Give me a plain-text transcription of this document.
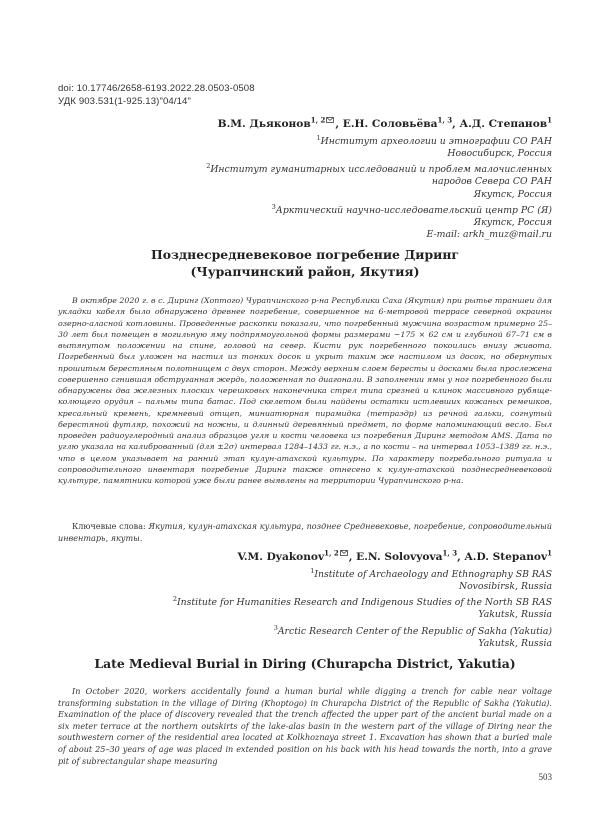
doi: 10.17746/2658-6193.2022.28.0503-0508
УДК 903.531(1-925.13)"04/14"
В.М. Дьяконов$^{1, 2}$ , Е.Н. Соловьёва$^{1, 3}$, А.Д. Степанов$^1$
$^1$Институт археологии и этнографии СО РАН
Новосибирск, Россия
$^2$Институт гуманитарных исследований и проблем малочисленных
народов Севера СО РАН
Якутск, Россия
$^3$Арктический научно-исследовательский центр РС (Я)
Якутск, Россия
E-mail: arkh_muz@mail.ru
Позднесредневековое погребение Диринг
(Чурапчинский район, Якутия)

В октябре 2020 г. в с. Диринг (Хоптого) Чурапчинского р-на Республики Саха (Якутия) при рытье траншеи для укладки кабеля было обнаружено древнее погребение, совершенное на 6-метровой террасе северной окраины озерно-аласной котловины. Проведенные раскопки показали, что погребенный мужчина возрастом примерно 25–30 лет был помещен в могильную яму подпрямоугольной формы размерами ~175 × 62 см и глубиной 67–71 см в вытянутом положении на спине, головой на север. Кисти рук погребенного покоились внизу живота. Погребенный был уложен на настил из тонких досок и укрыт таким же настилом из досок, но обернутых прошитым берестяным полотнищем с двух сторон. Между верхним слоем бересты и досками была прослежена совершенно сгнившая обструганная жердь, положенная по диагонали. В заполнении ямы у ног погребенного были обнаружены два железных плоских черешковых наконечника стрел типа срезней и клинок массивного рубяще-колющего орудия – пальмы типа батас. Под скелетом были найдены остатки истлевших кожаных ремешков, кресальный кремень, кремневый отщеп, миниатюрная пирамидка (тетраэдр) из речной гальки, согнутый берестяной футляр, похожий на ножны, и длинный деревянный предмет, по форме напоминающий весло. Был проведен радиоуглеродный анализ образцов угля и кости человека из погребения Диринг методом AMS. Дата по углю указала на калиброванный (для ±2σ) интервал 1284–1433 гг. н.э., а по кости – на интервал 1053–1389 гг. н.э., что в целом указывает на ранний этап кулун-атахской культуры. По характеру погребального ритуала и сопроводительного инвентаря погребение Диринг также отнесено к кулун-атахской позднесредневековой культуре, памятники которой уже были ранее выявлены на территории Чурапчинского р-на.

Ключевые слова: Якутия, кулун-атахская культура, позднее Средневековье, погребение, сопроводительный инвентарь, якуты.
V.M. Dyakonov$^{1, 2}$ , E.N. Solovyova$^{1, 3}$, A.D. Stepanov$^1$
$^1$Institute of Archaeology and Ethnography SB RAS
Novosibirsk, Russia
$^2$Institute for Humanities Research and Indigenous Studies of the North SB RAS
Yakutsk, Russia
$^3$Arctic Research Center of the Republic of Sakha (Yakutia)
Yakutsk, Russia
Late Medieval Burial in Diring (Churapcha District, Yakutia)

In October 2020, workers accidentally found a human burial while digging a trench for cable near voltage transforming substation in the village of Diring (Khoptogo) in Churapcha District of the Republic of Sakha (Yakutia). Examination of the place of discovery revealed that the trench affected the upper part of the ancient burial made on a six meter terrace at the northern outskirts of the lake-alas basin in the western part of the village of Diring near the southwestern corner of the residential area located at Kolkhoznaya street 1. Excavation has shown that a buried male of about 25–30 years of age was placed in extended position on his back with his head towards the north, into a grave pit of subrectangular shape measuring

503
